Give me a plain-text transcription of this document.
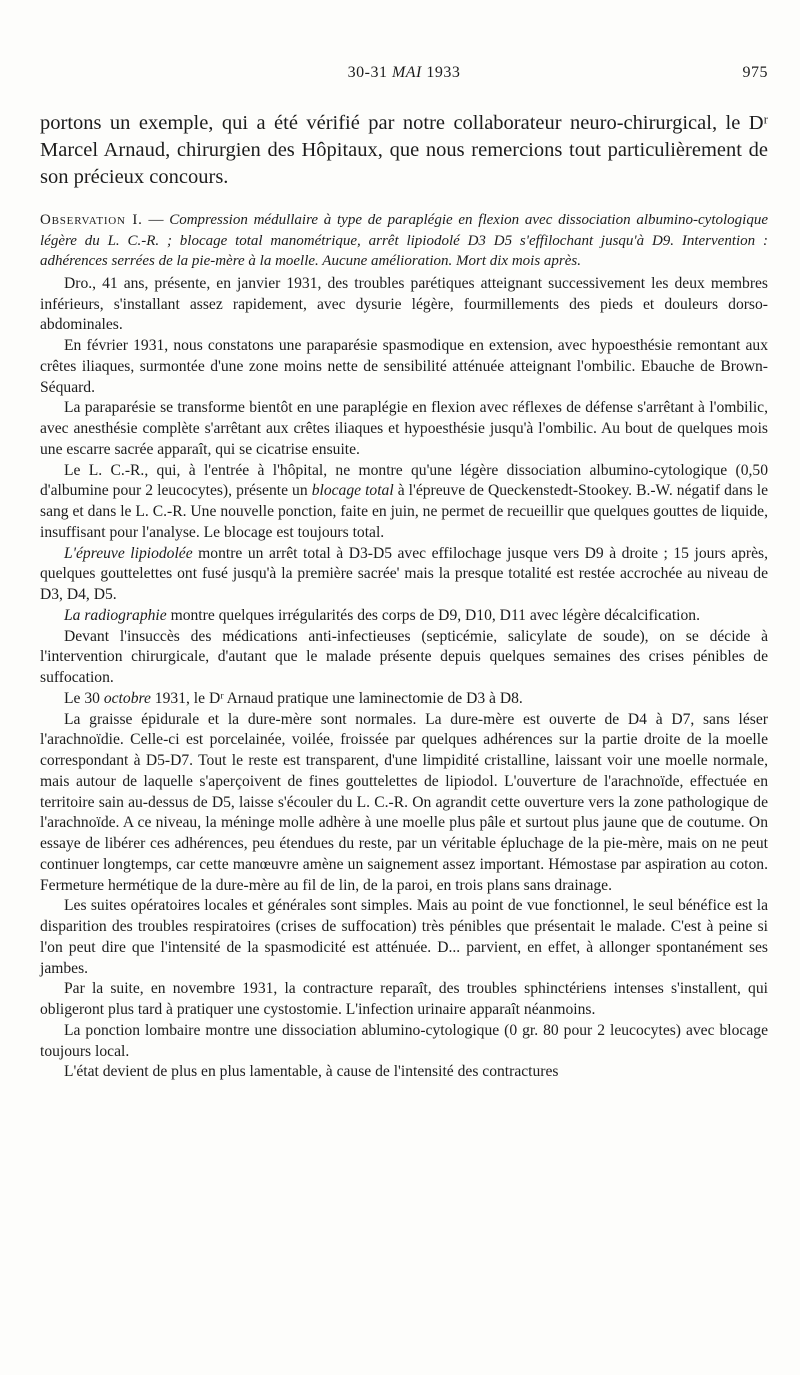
30-31 MAI 1933	975
portons un exemple, qui a été vérifié par notre collaborateur neuro-chirurgical, le Dʳ Marcel Arnaud, chirurgien des Hôpitaux, que nous remercions tout particulièrement de son précieux concours.
Observation I. — Compression médullaire à type de paraplégie en flexion avec dissociation albumino-cytologique légère du L. C.-R. ; blocage total manométrique, arrêt lipiodolé D3 D5 s'effilochant jusqu'à D9. Intervention : adhérences serrées de la pie-mère à la moelle. Aucune amélioration. Mort dix mois après.

Dro., 41 ans, présente, en janvier 1931, des troubles parétiques atteignant successivement les deux membres inférieurs, s'installant assez rapidement, avec dysurie légère, fourmillements des pieds et douleurs dorso-abdominales.

En février 1931, nous constatons une paraparésie spasmodique en extension, avec hypoesthésie remontant aux crêtes iliaques, surmontée d'une zone moins nette de sensibilité atténuée atteignant l'ombilic. Ebauche de Brown-Séquard.

La paraparésie se transforme bientôt en une paraplégie en flexion avec réflexes de défense s'arrêtant à l'ombilic, avec anesthésie complète s'arrêtant aux crêtes iliaques et hypoesthésie jusqu'à l'ombilic. Au bout de quelques mois une escarre sacrée apparaît, qui se cicatrise ensuite.

Le L. C.-R., qui, à l'entrée à l'hôpital, ne montre qu'une légère dissociation albumino-cytologique (0,50 d'albumine pour 2 leucocytes), présente un blocage total à l'épreuve de Queckenstedt-Stookey. B.-W. négatif dans le sang et dans le L. C.-R. Une nouvelle ponction, faite en juin, ne permet de recueillir que quelques gouttes de liquide, insuffisant pour l'analyse. Le blocage est toujours total.

L'épreuve lipiodolée montre un arrêt total à D3-D5 avec effilochage jusque vers D9 à droite ; 15 jours après, quelques gouttelettes ont fusé jusqu'à la première sacrée' mais la presque totalité est restée accrochée au niveau de D3, D4, D5.

La radiographie montre quelques irrégularités des corps de D9, D10, D11 avec légère décalcification.

Devant l'insuccès des médications anti-infectieuses (septicémie, salicylate de soude), on se décide à l'intervention chirurgicale, d'autant que le malade présente depuis quelques semaines des crises pénibles de suffocation.

Le 30 octobre 1931, le Dʳ Arnaud pratique une laminectomie de D3 à D8.

La graisse épidurale et la dure-mère sont normales. La dure-mère est ouverte de D4 à D7, sans léser l'arachnoïdie. Celle-ci est porcelainée, voilée, froissée par quelques adhérences sur la partie droite de la moelle correspondant à D5-D7. Tout le reste est transparent, d'une limpidité cristalline, laissant voir une moelle normale, mais autour de laquelle s'aperçoivent de fines gouttelettes de lipiodol. L'ouverture de l'arachnoïde, effectuée en territoire sain au-dessus de D5, laisse s'écouler du L. C.-R. On agrandit cette ouverture vers la zone pathologique de l'arachnoïde. A ce niveau, la méninge molle adhère à une moelle plus pâle et surtout plus jaune que de coutume. On essaye de libérer ces adhérences, peu étendues du reste, par un véritable épluchage de la pie-mère, mais on ne peut continuer longtemps, car cette manœuvre amène un saignement assez important. Hémostase par aspiration au coton. Fermeture hermétique de la dure-mère au fil de lin, de la paroi, en trois plans sans drainage.

Les suites opératoires locales et générales sont simples. Mais au point de vue fonctionnel, le seul bénéfice est la disparition des troubles respiratoires (crises de suffocation) très pénibles que présentait le malade. C'est à peine si l'on peut dire que l'intensité de la spasmodicité est atténuée. D... parvient, en effet, à allonger spontanément ses jambes.

Par la suite, en novembre 1931, la contracture reparaît, des troubles sphinctériens intenses s'installent, qui obligeront plus tard à pratiquer une cystostomie. L'infection urinaire apparaît néanmoins.

La ponction lombaire montre une dissociation ablumino-cytologique (0 gr. 80 pour 2 leucocytes) avec blocage toujours local.

L'état devient de plus en plus lamentable, à cause de l'intensité des contractures
